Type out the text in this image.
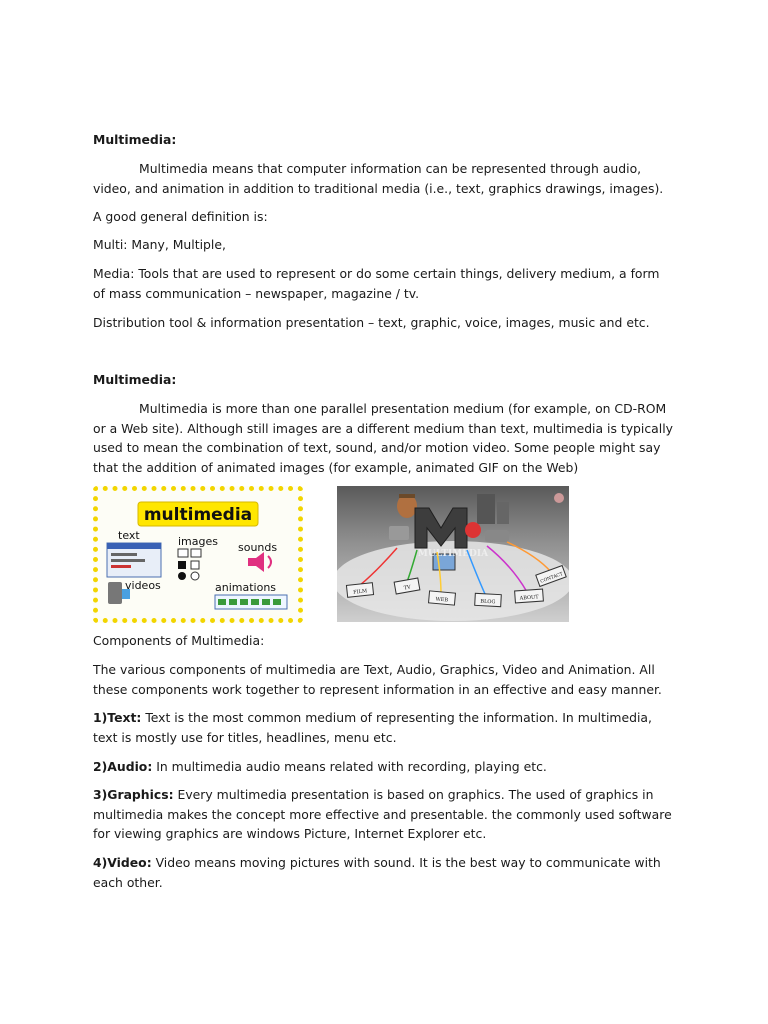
Multimedia:

Multimedia means that computer information can be represented through audio, video, and animation in addition to traditional media (i.e., text, graphics drawings, images).

A good general definition is:

Multi: Many, Multiple,

Media: Tools that are used to represent or do some certain things, delivery medium, a form of mass communication – newspaper, magazine / tv.

Distribution tool & information presentation – text, graphic, voice, images, music and etc.

Multimedia:

Multimedia is more than one parallel presentation medium (for example, on CD-ROM or a Web site). Although still images are a different medium than text, multimedia is typically used to mean the combination of text, sound, and/or motion video. Some people might say that the addition of animated images (for example, animated GIF on the Web)

Components of Multimedia:

The various components of multimedia are Text, Audio, Graphics, Video and Animation. All these components work together to represent information in an effective and easy manner.

1)Text: Text is the most common medium of representing the information. In multimedia, text is mostly use for titles, headlines, menu etc.

2)Audio: In multimedia audio means related with recording, playing etc.

3)Graphics: Every multimedia presentation is based on graphics. The used of graphics in multimedia makes the concept more effective and presentable. the commonly used software for viewing graphics are windows Picture, Internet Explorer etc.

4)Video: Video means moving pictures with sound. It is the best way to communicate with each other.

multimedia
text	images sounds
videos	animations
MULTIMEDIA
FILM
TV
WEB	BLOG
ABOUT
CONTACT
